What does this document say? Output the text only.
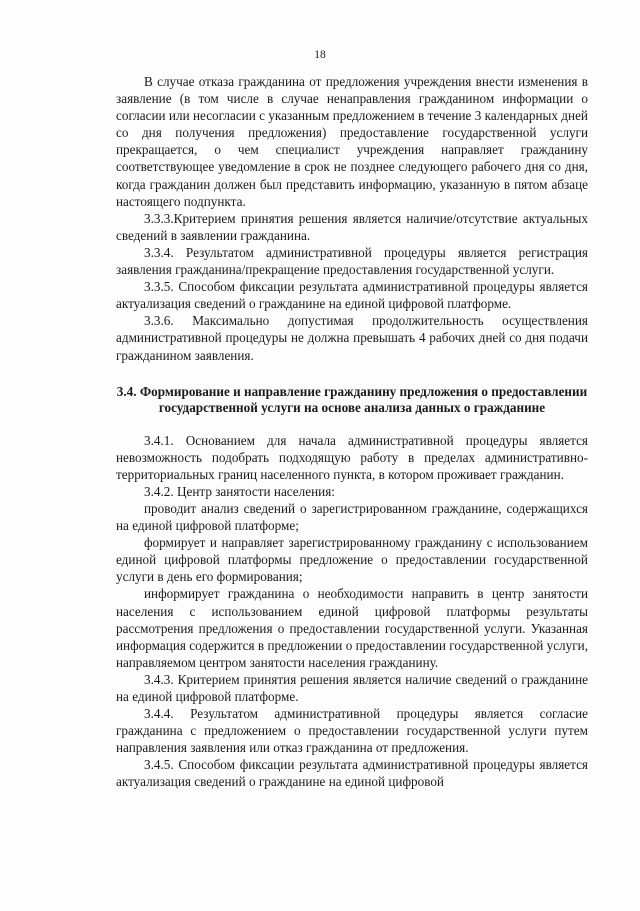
18

В случае отказа гражданина от предложения учреждения внести изменения в заявление (в том числе в случае ненаправления гражданином информации о согласии или несогласии с указанным предложением в течение 3 календарных дней со дня получения предложения) предоставление государственной услуги прекращается, о чем специалист учреждения направляет гражданину соответствующее уведомление в срок не позднее следующего рабочего дня со дня, когда гражданин должен был представить информацию, указанную в пятом абзаце настоящего подпункта.

3.3.3.Критерием принятия решения является наличие/отсутствие актуальных сведений в заявлении гражданина.

3.3.4. Результатом административной процедуры является регистрация заявления гражданина/прекращение предоставления государственной услуги.

3.3.5. Способом фиксации результата административной процедуры является актуализация сведений о гражданине на единой цифровой платформе.

3.3.6. Максимально допустимая продолжительность осуществления административной процедуры не должна превышать 4 рабочих дней со дня подачи гражданином заявления.

3.4. Формирование и направление гражданину предложения о предоставлении государственной услуги на основе анализа данных о гражданине

3.4.1. Основанием для начала административной процедуры является невозможность подобрать подходящую работу в пределах административно-территориальных границ населенного пункта, в котором проживает гражданин.

3.4.2. Центр занятости населения:

проводит анализ сведений о зарегистрированном гражданине, содержащихся на единой цифровой платформе;

формирует и направляет зарегистрированному гражданину с использованием единой цифровой платформы предложение о предоставлении государственной услуги в день его формирования;

информирует гражданина о необходимости направить в центр занятости населения с использованием единой цифровой платформы результаты рассмотрения предложения о предоставлении государственной услуги. Указанная информация содержится в предложении о предоставлении государственной услуги, направляемом центром занятости населения гражданину.

3.4.3. Критерием принятия решения является наличие сведений о гражданине на единой цифровой платформе.

3.4.4. Результатом административной процедуры является согласие гражданина с предложением о предоставлении государственной услуги путем направления заявления или отказ гражданина от предложения.

3.4.5. Способом фиксации результата административной процедуры является актуализация сведений о гражданине на единой цифровой
